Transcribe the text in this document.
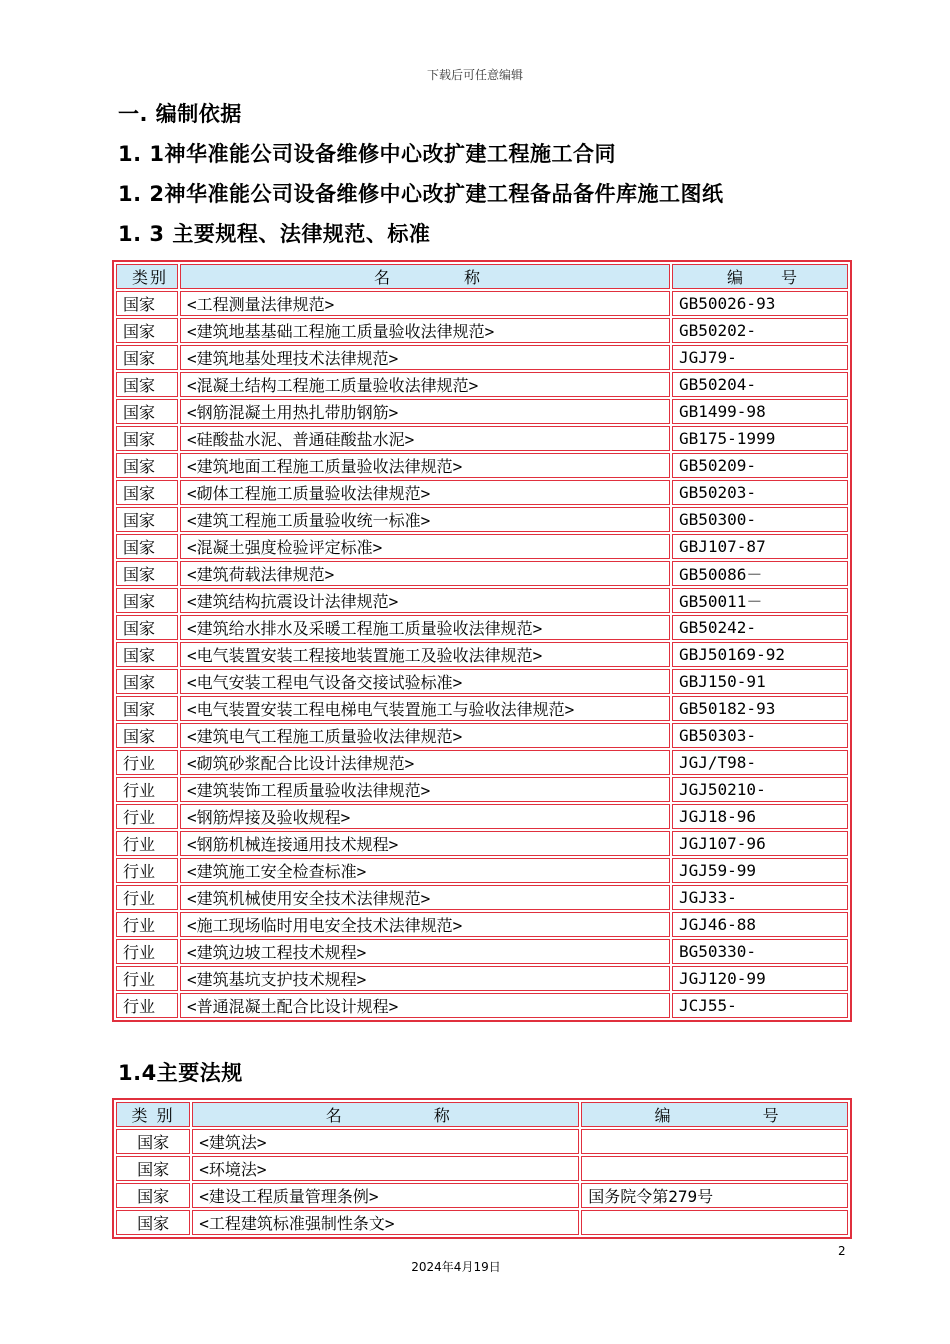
下载后可任意编辑
一. 编制依据
1. 1神华准能公司设备维修中心改扩建工程施工合同
1. 2神华准能公司设备维修中心改扩建工程备品备件库施工图纸
1. 3 主要规程、法律规范、标准
类别	名　　　　称	编　　号
国家	<工程测量法律规范>	GB50026-93
国家	<建筑地基基础工程施工质量验收法律规范>	GB50202-
国家	<建筑地基处理技术法律规范>	JGJ79-
国家	<混凝土结构工程施工质量验收法律规范>	GB50204-
国家	<钢筋混凝土用热扎带肋钢筋>	GB1499-98
国家	<硅酸盐水泥、普通硅酸盐水泥>	GB175-1999
国家	<建筑地面工程施工质量验收法律规范>	GB50209-
国家	<砌体工程施工质量验收法律规范>	GB50203-
国家	<建筑工程施工质量验收统一标准>	GB50300-
国家	<混凝土强度检验评定标准>	GBJ107-87
国家	<建筑荷载法律规范>	GB50086－
国家	<建筑结构抗震设计法律规范>	GB50011－
国家	<建筑给水排水及采暖工程施工质量验收法律规范>	GB50242-
国家	<电气装置安装工程接地装置施工及验收法律规范>	GBJ50169-92
国家	<电气安装工程电气设备交接试验标准>	GBJ150-91
国家	<电气装置安装工程电梯电气装置施工与验收法律规范>	GB50182-93
国家	<建筑电气工程施工质量验收法律规范>	GB50303-
行业	<砌筑砂浆配合比设计法律规范>	JGJ/T98-
行业	<建筑装饰工程质量验收法律规范>	JGJ50210-
行业	<钢筋焊接及验收规程>	JGJ18-96
行业	<钢筋机械连接通用技术规程>	JGJ107-96
行业	<建筑施工安全检查标准>	JGJ59-99
行业	<建筑机械使用安全技术法律规范>	JGJ33-
行业	<施工现场临时用电安全技术法律规范>	JGJ46-88
行业	<建筑边坡工程技术规程>	BG50330-
行业	<建筑基坑支护技术规程>	JGJ120-99
行业	<普通混凝土配合比设计规程>	JCJ55-
1.4主要法规
类 别	名　　　　　称	编　　　　　号
国家	<建筑法>	
国家	<环境法>	
国家	<建设工程质量管理条例>	国务院令第279号
国家	<工程建筑标准强制性条文>	
2
2024年4月19日
